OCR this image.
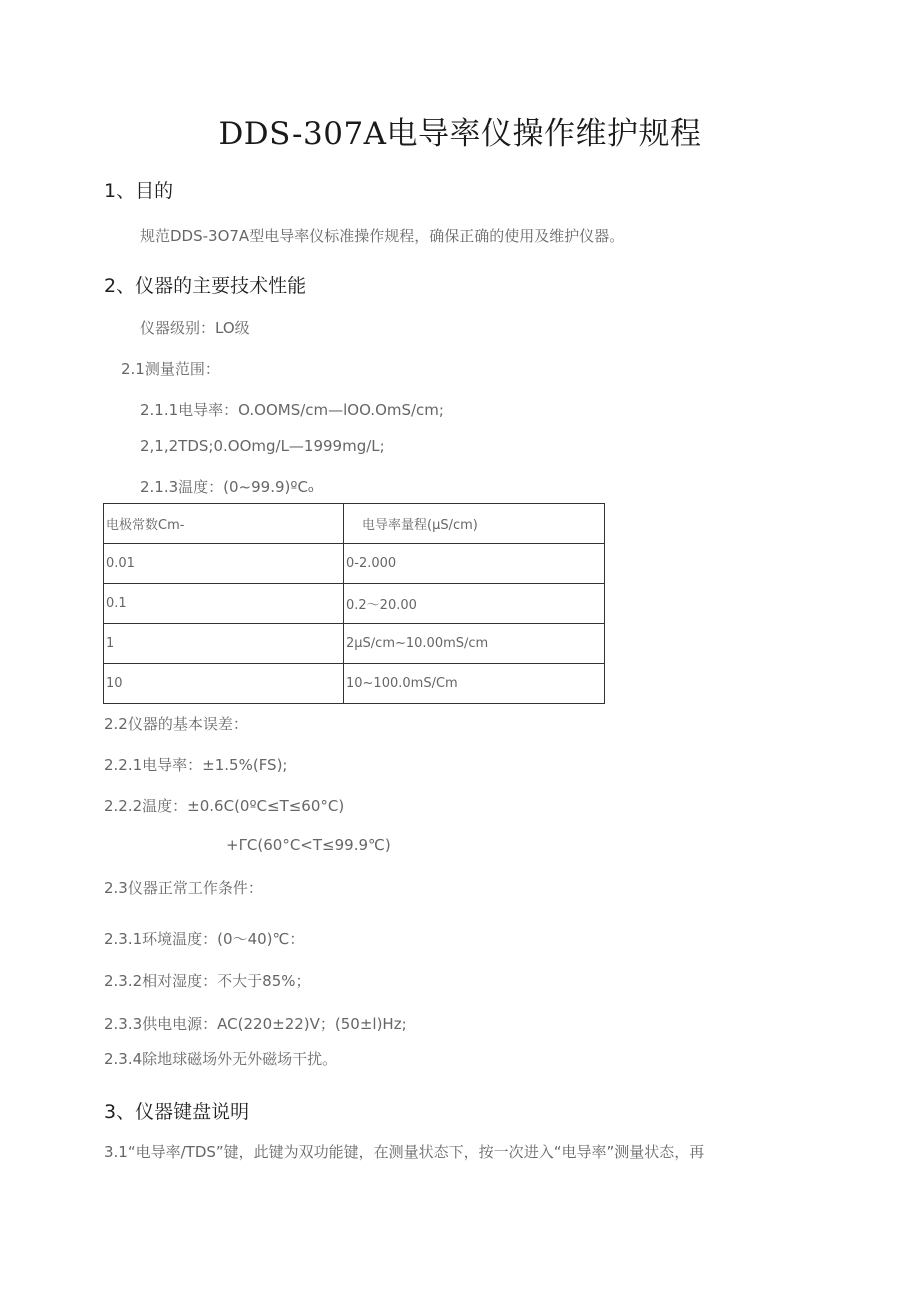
DDS-307A电导率仪操作维护规程
1、目的
规范DDS-3O7A型电导率仪标准操作规程，确保正确的使用及维护仪器。
2、仪器的主要技术性能
仪器级别：LO级
2.1测量范围：
2.1.1电导率：O.OOMS/cm—lOO.OmS/cm;
2,1,2TDS;0.OOmg/L—1999mg∕L;
2.1.3温度：(0~99.9)ºCₒ
电极常数Cm-	电导率量程(μS/cm)
0.01	0-2.000
0.1	0.2～20.00
1	2μS∕cm~10.00mS∕cm
10	10~100.0mS/Cm
2.2仪器的基本误差：
2.2.1电导率：±1.5%(FS);
2.2.2温度：±0.6C(0ºC≤T≤60°C)
+ΓC(60°C<T≤99.9℃)
2.3仪器正常工作条件：
2.3.1环境温度：(0～40)℃：
2.3.2相对湿度：不大于85%；
2.3.3供电电源：AC(220±22)V；(50±l)Hz;
2.3.4除地球磁场外无外磁场干扰。
3、仪器键盘说明
3.1“电导率/TDS”键，此键为双功能键，在测量状态下，按一次进入“电导率”测量状态，再
